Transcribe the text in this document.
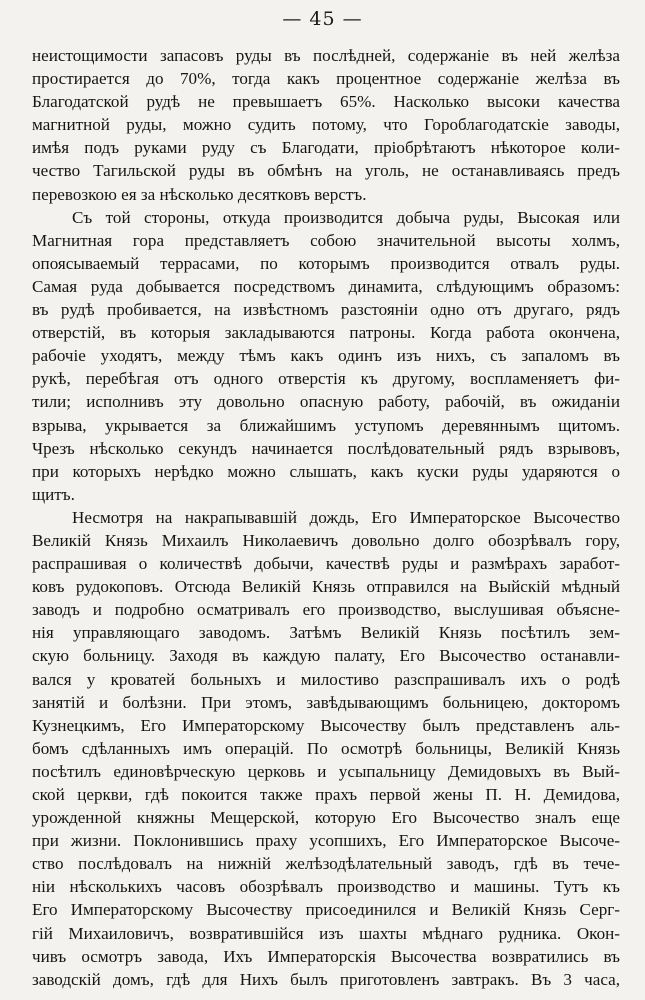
— 45 —
неистощимости запасовъ руды въ послѣдней, содержаніе въ ней желѣза
простирается до 70%, тогда какъ процентное содержаніе желѣза въ
Благодатской рудѣ не превышаетъ 65%. Насколько высоки качества
магнитной руды, можно судить потому, что Гороблагодатскіе заводы,
имѣя подъ руками руду съ Благодати, пріобрѣтаютъ нѣкоторое коли-
чество Тагильской руды въ обмѣнъ на уголь, не останавливаясь предъ
перевозкою ея за нѣсколько десятковъ верстъ.
Съ той стороны, откуда производится добыча руды, Высокая или
Магнитная гора представляетъ собою значительной высоты холмъ,
опоясываемый террасами, по которымъ производится отвалъ руды.
Самая руда добывается посредствомъ динамита, слѣдующимъ образомъ:
въ рудѣ пробивается, на извѣстномъ разстояніи одно отъ другаго, рядъ
отверстій, въ которыя закладываются патроны. Когда работа окончена,
рабочіе уходятъ, между тѣмъ какъ одинъ изъ нихъ, съ запаломъ въ
рукѣ, перебѣгая отъ одного отверстія къ другому, воспламеняетъ фи-
тили; исполнивъ эту довольно опасную работу, рабочій, въ ожиданіи
взрыва, укрывается за ближайшимъ уступомъ деревяннымъ щитомъ.
Чрезъ нѣсколько секундъ начинается послѣдовательный рядъ взрывовъ,
при которыхъ нерѣдко можно слышать, какъ куски руды ударяются о
щитъ.
Несмотря на накрапывавшій дождь, Его Императорское Высочество
Великій Князь Михаилъ Николаевичъ довольно долго обозрѣвалъ гору,
распрашивая о количествѣ добычи, качествѣ руды и размѣрахъ заработ-
ковъ рудокоповъ. Отсюда Великій Князь отправился на Выйскій мѣдный
заводъ и подробно осматривалъ его производство, выслушивая объясне-
нія управляющаго заводомъ. Затѣмъ Великій Князь посѣтилъ зем-
скую больницу. Заходя въ каждую палату, Его Высочество останавли-
вался у кроватей больныхъ и милостиво разспрашивалъ ихъ о родѣ
занятій и болѣзни. При этомъ, завѣдывающимъ больницею, докторомъ
Кузнецкимъ, Его Императорскому Высочеству былъ представленъ аль-
бомъ сдѣланныхъ имъ операцій. По осмотрѣ больницы, Великій Князь
посѣтилъ единовѣрческую церковь и усыпальницу Демидовыхъ въ Вый-
ской церкви, гдѣ покоится также прахъ первой жены П. Н. Демидова,
урожденной княжны Мещерской, которую Его Высочество зналъ еще
при жизни. Поклонившись праху усопшихъ, Его Императорское Высоче-
ство послѣдовалъ на нижній желѣзодѣлательный заводъ, гдѣ въ тече-
ніи нѣсколькихъ часовъ обозрѣвалъ производство и машины. Тутъ къ
Его Императорскому Высочеству присоединился и Великій Князь Серг-
гій Михаиловичъ, возвратившійся изъ шахты мѣднаго рудника. Окон-
чивъ осмотръ завода, Ихъ Императорскія Высочества возвратились въ
заводскій домъ, гдѣ для Нихъ былъ приготовленъ завтракъ. Въ 3 часа,
